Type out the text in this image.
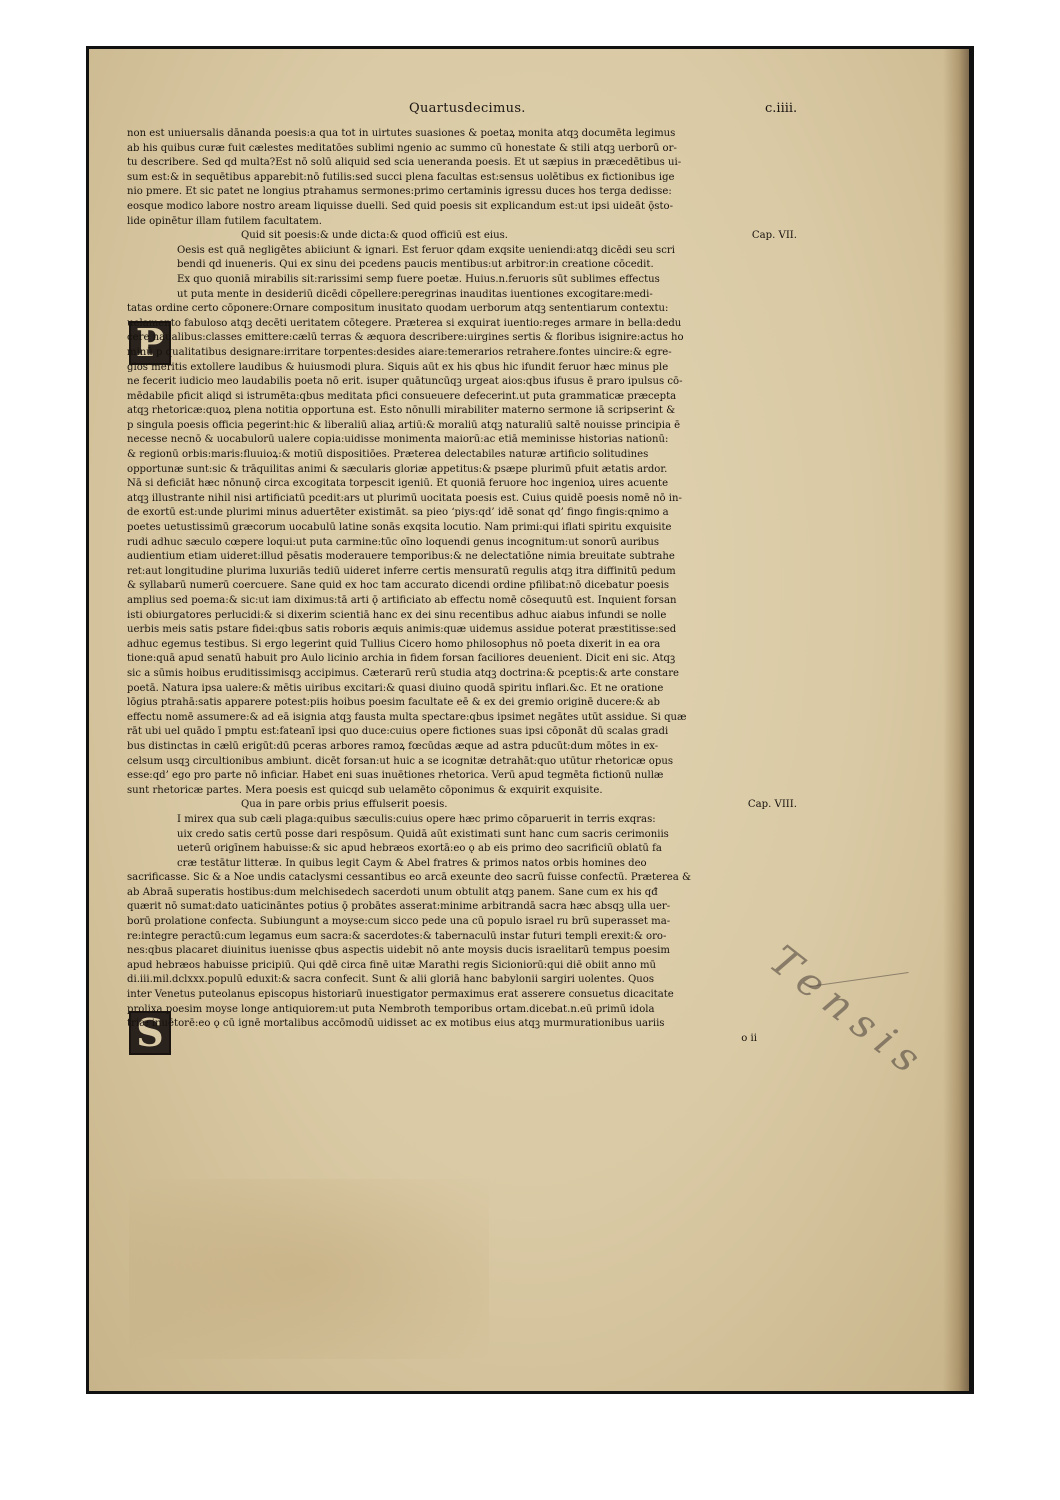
Quartusdecimus.	c.iiii.
P
S
non est uniuersalis dānanda poesis:a qua tot in uirtutes suasiones & poetaꝝ monita atqꝫ documēta legimus
ab his quibus curæ fuit cælestes meditatōes sublimi ngenio ac summo cū honestate & stili atqꝫ uerborū or-
tu describere. Sed qd multa?Est nō solū aliquid sed scia ueneranda poesis. Et ut sæpius in præcedētibus ui-
sum est:& in sequētibus apparebit:nō futilis:sed succi plena facultas est:sensus uolētibus ex fictionibus ige
nio pmere. Et sic patet ne longius ptrahamus sermones:primo certaminis igressu duces hos terga dedisse:
eosque modico labore nostro aream liquisse duelli. Sed quid poesis sit explicandum est:ut ipsi uideāt ǭsto-
lide opinētur illam futilem facultatem.
Quid sit poesis:& unde dicta:& quod officiū est eius.	Cap. VII.
Oesis est quā negligētes abiiciunt & ignari. Est feruor qdam exqsite ueniendi:atqꝫ dicēdi seu scri
bendi qd inueneris. Qui ex sinu dei pcedens paucis mentibus:ut arbitror:in creatione cōcedit.
Ex quo quoniā mirabilis sit:rarissimi semp fuere poetæ. Huius.n.feruoris sūt sublimes effectus
ut puta mente in desideriū dicēdi cōpellere:peregrinas inauditas iuentiones excogitare:medi-
tatas ordine certo cōponere:Ornare compositum inusitato quodam uerborum atqꝫ sententiarum contextu:
uelamento fabuloso atqꝫ decēti ueritatem cōtegere. Præterea si exquirat iuentio:reges armare in bella:dedu
cere naualibus:classes emittere:cælū terras & æquora describere:uirgines sertis & floribus isignire:actus ho
minū p qualitatibus designare:irritare torpentes:desides aiare:temerarios retrahere.fontes uincire:& egre-
gios meritis extollere laudibus & huiusmodi plura. Siquis aūt ex his qbus hic ifundit feruor hæc minus ple
ne fecerit iudicio meo laudabilis poeta nō erit. isuper quātuncūqꝫ urgeat aios:qbus ifusus ē praro ipulsus cō-
mēdabile pficit aliqd si istrumēta:qbus meditata pfici consueuere defecerint.ut puta grammaticæ præcepta
atqꝫ rhetoricæ:quoꝝ plena notitia opportuna est. Esto nōnulli mirabiliter materno sermone iā scripserint &
p singula poesis officia pegerint:hic & liberaliū aliaꝝ artiū:& moraliū atqꝫ naturaliū saltē nouisse principia ē
necesse necnō & uocabulorū ualere copia:uidisse monimenta maiorū:ac etiā meminisse historias nationū:
& regionū orbis:maris:fluuioꝝ:& motiū dispositiōes. Præterea delectabiles naturæ artificio solitudines
opportunæ sunt:sic & trāquilitas animi & sæcularis gloriæ appetitus:& psæpe plurimū pfuit ætatis ardor.
Nā si deficiāt hæc nōnunǭ circa excogitata torpescit igeniū. Et quoniā feruore hoc ingenioꝝ uires acuente
atqꝫ illustrante nihil nisi artificiatū pcedit:ars ut plurimū uocitata poesis est. Cuius quidē poesis nomē nō in-
de exortū est:unde plurimi minus aduertēter existimāt. sa pieo ‘piys:qd’ idē sonat qd’ fingo fingis:qnimo a
poetes uetustissimū græcorum uocabulū latine sonās exqsita locutio. Nam primi:qui iflati spiritu exquisite
rudi adhuc sæculo cœpere loqui:ut puta carmine:tūc oīno loquendi genus incognitum:ut sonorū auribus
audientium etiam uideret:illud pēsatis moderauere temporibus:& ne delectatiōne nimia breuitate subtrahe
ret:aut longitudine plurima luxuriās tediū uideret inferre certis mensuratū regulis atqꝫ itra diffinitū pedum
& syllabarū numerū coercuere. Sane quid ex hoc tam accurato dicendi ordine pfilibat:nō dicebatur poesis
amplius sed poema:& sic:ut iam diximus:tā arti ǭ artificiato ab effectu nomē cōsequutū est. Inquient forsan
isti obiurgatores perlucidi:& si dixerim scientiā hanc ex dei sinu recentibus adhuc aiabus infundi se nolle
uerbis meis satis pstare fidei:qbus satis roboris æquis animis:quæ uidemus assidue poterat præstitisse:sed
adhuc egemus testibus. Si ergo legerint quid Tullius Cicero homo philosophus nō poeta dixerit in ea ora
tione:quā apud senatū habuit pro Aulo licinio archia in fidem forsan faciliores deuenient. Dicit eni sic. Atqꝫ
sic a sūmis hoibus eruditissimisqꝫ accipimus. Cæterarū rerū studia atqꝫ doctrina:& pceptis:& arte constare
poetā. Natura ipsa ualere:& mētis uiribus excitari:& quasi diuino quodā spiritu inflari.&c. Et ne oratione
lōgius ptrahā:satis apparere potest:piis hoibus poesim facultate eē & ex dei gremio originē ducere:& ab
effectu nomē assumere:& ad eā isignia atqꝫ fausta multa spectare:qbus ipsimet negātes utūt assidue. Si quæ
rāt ubi uel quādo ī pmptu est:fateanī ipsi quo duce:cuius opere fictiones suas ipsi cōponāt dū scalas gradi
bus distinctas in cælū erigūt:dū pceras arbores ramoꝝ fœcūdas æque ad astra pducūt:dum mōtes in ex-
celsum usqꝫ circultionibus ambiunt. dicēt forsan:ut huic a se icognitæ detrahāt:quo utūtur rhetoricæ opus
esse:qd’ ego pro parte nō inficiar. Habet eni suas inuētiones rhetorica. Verū apud tegmēta fictionū nullæ
sunt rhetoricæ partes. Mera poesis est quicqd sub uelamēto cōponimus & exquirit exquisite.
Qua in pare orbis prius effulserit poesis.	Cap. VIII.
I mirex qua sub cæli plaga:quibus sæculis:cuius opere hæc primo cōparuerit in terris exqras:
uix credo satis certū posse dari respōsum. Quidā aūt existimati sunt hanc cum sacris cerimoniis
ueterū origīnem habuisse:& sic apud hebræos exortā:eo ǫ ab eis primo deo sacrificiū oblatū fa
cræ testātur litteræ. In quibus legit Caym & Abel fratres & primos natos orbis homines deo
sacrificasse. Sic & a Noe undis cataclysmi cessantibus eo arcā exeunte deo sacrū fuisse confectū. Præterea &
ab Abraā superatis hostibus:dum melchisedech sacerdoti unum obtulit atqꝫ panem. Sane cum ex his qđ
quærit nō sumat:dato uaticināntes potius ǭ probātes asserat:minime arbitrandā sacra hæc absqꝫ ulla uer-
borū prolatione confecta. Subiungunt a moyse:cum sicco pede una cū populo israel ru brū superasset ma-
re:integre peractū:cum legamus eum sacra:& sacerdotes:& tabernaculū instar futuri templi erexit:& oro-
nes:qbus placaret diuinitus iuenisse qbus aspectis uidebit nō ante moysis ducis israelitarū tempus poesim
apud hebræos habuisse pricipiū. Qui qdē circa finē uitæ Marathi regis Sicioniorū:qui diē obiit anno mū
di.iii.mil.dclxxx.populū eduxit:& sacra confecit. Sunt & alii gloriā hanc babylonii sargiri uolentes. Quos
inter Venetus puteolanus episcopus historiarū inuestigator permaximus erat asserere consuetus dicacitate
prolixa poesim moyse longe antiquiorem:ut puta Nembroth temporibus ortam.dicebat.n.eū primū idola
triæ inuētorē:eo ǫ cū ignē mortalibus accōmodū uidisset ac ex motibus eius atqꝫ murmurationibus uariis
o ii Tensis
